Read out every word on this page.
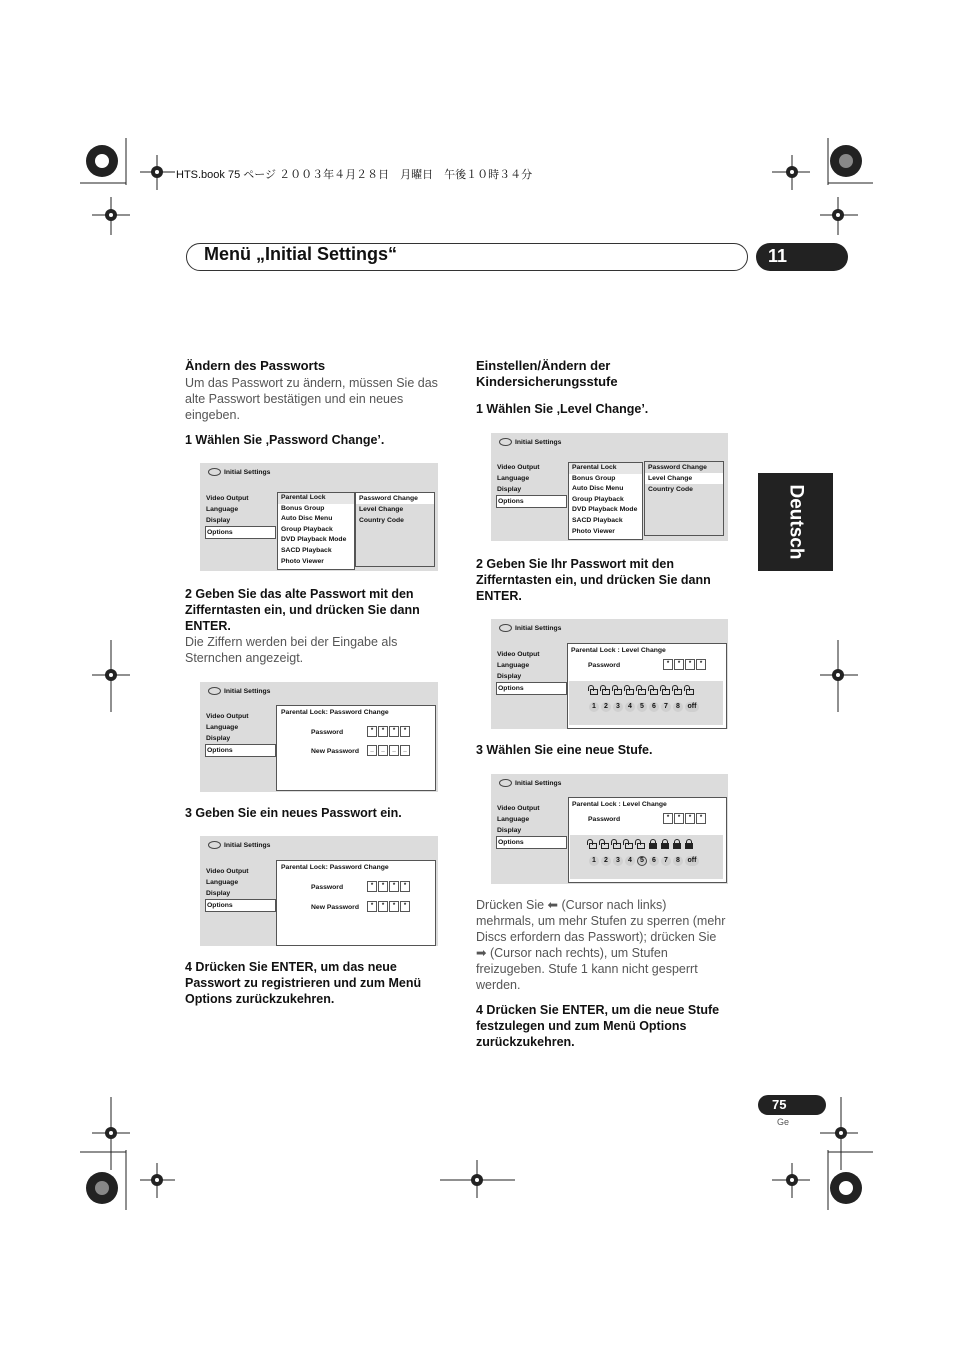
HTS.book 75 ページ ２００３年４月２８日　月曜日　午後１０時３４分
Menü „Initial Settings“	11
Deutsch
Ändern des Passworts
Um das Passwort zu ändern, müssen Sie das
alte Passwort bestätigen und ein neues
eingeben.
1 Wählen Sie ‚Password Change’.
Initial Settings
Video Output
Language
Display
Options
Parental Lock
Bonus Group
Auto Disc Menu
Group Playback
DVD Playback Mode
SACD Playback
Photo Viewer
Password Change
Level Change
Country Code
2 Geben Sie das alte Passwort mit den
Zifferntasten ein, und drücken Sie dann
ENTER.
Die Ziffern werden bei der Eingabe als
Sternchen angezeigt.
Initial Settings
Video Output
Language
Display
Options
Parental Lock: Password Change
Password	* * * *
New Password	_ _ _ _
3 Geben Sie ein neues Passwort ein.
Initial Settings
Video Output
Language
Display
Options
Parental Lock: Password Change
Password	* * * *
New Password	* * * *
4 Drücken Sie ENTER, um das neue
Passwort zu registrieren und zum Menü
Options zurückzukehren.
Einstellen/Ändern der
Kindersicherungsstufe
1 Wählen Sie ‚Level Change’.
Initial Settings
Video Output
Language
Display
Options
Parental Lock
Bonus Group
Auto Disc Menu
Group Playback
DVD Playback Mode
SACD Playback
Photo Viewer
Password Change
Level Change
Country Code
2 Geben Sie Ihr Passwort mit den
Zifferntasten ein, und drücken Sie dann
ENTER.
Initial Settings
Video Output
Language
Display
Options
Parental Lock : Level Change
Password	* * * *
1 2 3 4 5 6 7 8 off
3 Wählen Sie eine neue Stufe.
Initial Settings
Video Output
Language
Display
Options
Parental Lock : Level Change
Password	* * * *
1 2 3 4 5 6 7 8 off
Drücken Sie ⬅ (Cursor nach links)
mehrmals, um mehr Stufen zu sperren (mehr
Discs erfordern das Passwort); drücken Sie
➡ (Cursor nach rechts), um Stufen
freizugeben. Stufe 1 kann nicht gesperrt
werden.
4 Drücken Sie ENTER, um die neue Stufe
festzulegen und zum Menü Options
zurückzukehren.
75
Ge
